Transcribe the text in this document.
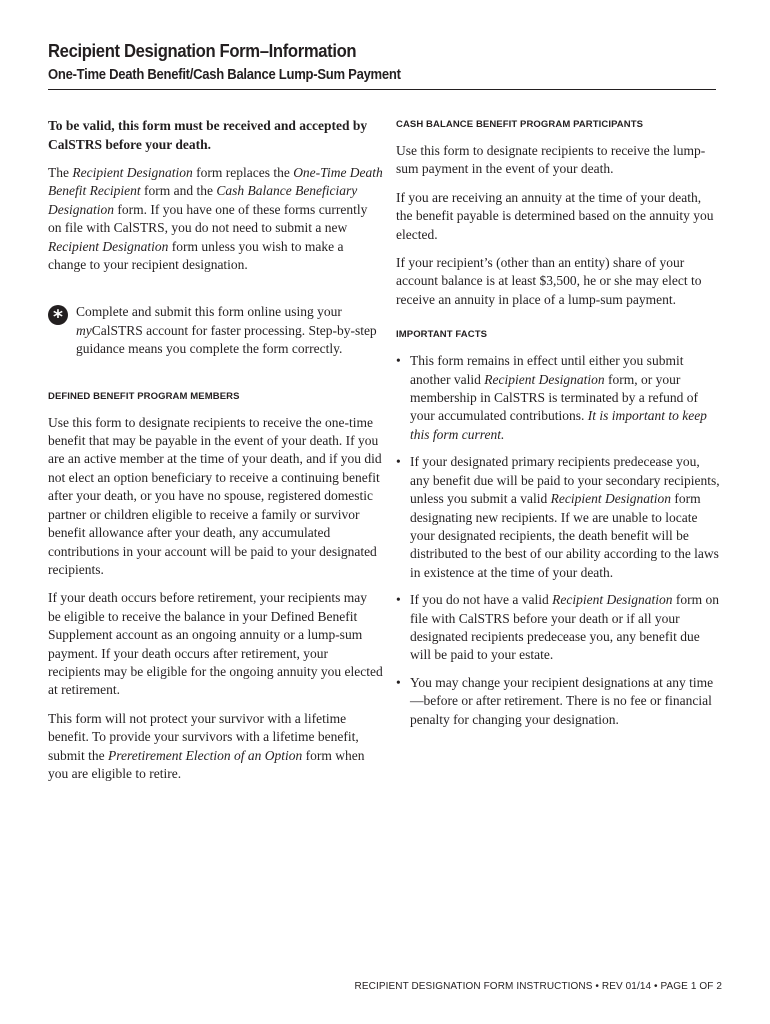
Recipient Designation Form–Information
One-Time Death Benefit/Cash Balance Lump-Sum Payment

To be valid, this form must be received and accepted by CalSTRS before your death.

The Recipient Designation form replaces the One-Time Death Benefit Recipient form and the Cash Balance Beneficiary Designation form. If you have one of these forms currently on file with CalSTRS, you do not need to submit a new Recipient Designation form unless you wish to make a change to your recipient designation.

* Complete and submit this form online using your myCalSTRS account for faster processing. Step-by-step guidance means you complete the form correctly.

DEFINED BENEFIT PROGRAM MEMBERS

Use this form to designate recipients to receive the one-time benefit that may be payable in the event of your death. If you are an active member at the time of your death, and if you did not elect an option beneficiary to receive a continuing benefit after your death, or you have no spouse, registered domestic partner or children eligible to receive a family or survivor benefit allowance after your death, any accumulated contributions in your account will be paid to your designated recipients.

If your death occurs before retirement, your recipients may be eligible to receive the balance in your Defined Benefit Supplement account as an ongoing annuity or a lump-sum payment. If your death occurs after retirement, your recipients may be eligible for the ongoing annuity you elected at retirement.

This form will not protect your survivor with a lifetime benefit. To provide your survivors with a lifetime benefit, submit the Preretirement Election of an Option form when you are eligible to retire.

CASH BALANCE BENEFIT PROGRAM PARTICIPANTS

Use this form to designate recipients to receive the lump-sum payment in the event of your death.

If you are receiving an annuity at the time of your death, the benefit payable is determined based on the annuity you elected.

If your recipient’s (other than an entity) share of your account balance is at least $3,500, he or she may elect to receive an annuity in place of a lump-sum payment.

IMPORTANT FACTS
• This form remains in effect until either you submit another valid Recipient Designation form, or your membership in CalSTRS is terminated by a refund of your accumulated contributions. It is important to keep this form current.
• If your designated primary recipients predecease you, any benefit due will be paid to your secondary recipients, unless you submit a valid Recipient Designation form designating new recipients. If we are unable to locate your designated recipients, the death benefit will be distributed to the best of our ability according to the laws in existence at the time of your death.
• If you do not have a valid Recipient Designation form on file with CalSTRS before your death or if all your designated recipients predecease you, any benefit due will be paid to your estate.
• You may change your recipient designations at any time—before or after retirement. There is no fee or financial penalty for changing your designation.
RECIPIENT DESIGNATION FORM INSTRUCTIONS • REV 01/14 • PAGE 1 OF 2
